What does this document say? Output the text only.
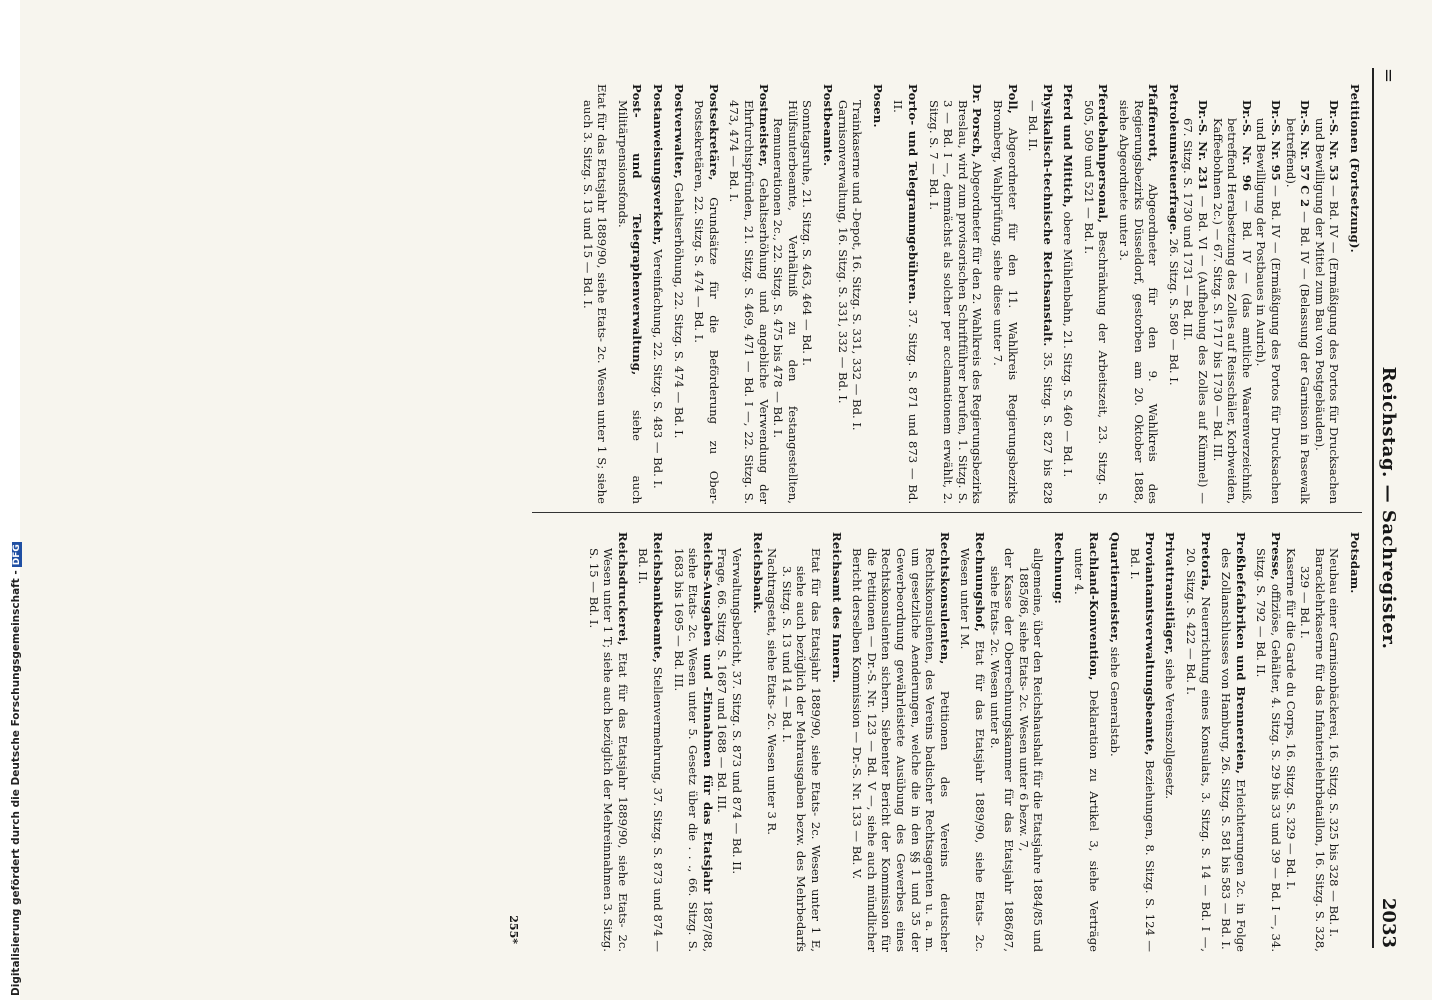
=
Reichstag. — Sachregister.
2033

Petitionen (Fortsetzung).

Dr.-S. Nr. 53 — Bd. IV — (Ermäßigung des Portos für Drucksachen und Bewilligung der Mittel zum Bau von Postgebäuden).

Dr.-S. Nr. 57 C 2 — Bd. IV — (Belassung der Garnison in Pasewalk betreffend).

Dr.-S. Nr. 95 — Bd. IV — (Ermäßigung des Portos für Drucksachen und Bewilligung der Postbaues in Aurich).

Dr.-S. Nr. 96 — Bd. IV — (das amtliche Waarenverzeichniß, betreffend Herabsetzung des Zolles auf Reisschäler, Korbweiden, Kaffeebohnen 2c.) — 67. Sitzg. S. 1717 bis 1730 — Bd. III.

Dr.-S. Nr. 231 — Bd. VI — (Aufhebung des Zolles auf Kümmel) — 67. Sitzg. S. 1730 und 1731 — Bd. III.

Petroleumsteuerfrage. 26. Sitzg. S. 580 — Bd. I.

Pfaffenrott, Abgeordneter für den 9. Wahlkreis des Regierungsbezirks Düsseldorf, gestorben am 20. Oktober 1888, siehe Abgeordnete unter 3.

Pferdebahnpersonal, Beschränkung der Arbeitszeit, 23. Sitzg. S. 505, 509 und 521 — Bd. I.

Pferd und Mittich, obere Mühlenbahn, 21. Sitzg. S. 460 — Bd. I.

Physikalisch-technische Reichsanstalt. 35. Sitzg. S. 827 bis 828 — Bd. II.

Poll, Abgeordneter für den 11. Wahlkreis Regierungsbezirks Bromberg, Wahlprüfung, siehe diese unter 7.

Dr. Porsch, Abgeordneter für den 2. Wahlkreis des Regierungsbezirks Breslau, wird zum provisorischen Schriftführer berufen, 1. Sitzg. S. 3 — Bd. I —, demnächst als solcher per acclamationem erwählt, 2. Sitzg. S. 7 — Bd. I.

Porto- und Telegrammgebühren. 37. Sitzg. S. 871 und 873 — Bd. II.

Posen.

Trainkaserne und -Depot, 16. Sitzg. S. 331, 332 — Bd. I.

Garnisonverwaltung, 16. Sitzg. S. 331, 332 — Bd. I.

Postbeamte.

Sonntagsruhe, 21. Sitzg. S. 463, 464 — Bd. I.

Hülfsunterbeamte, Verhältniß zu den festangestellten, Remunerationen 2c., 22. Sitzg. S. 475 bis 478 — Bd. I.

Postmeister, Gehaltserhöhung und angebliche Verwendung der Ehrfurchtspfründen, 21. Sitzg. S. 469, 471 — Bd. I —, 22. Sitzg. S. 473, 474 — Bd. I.

Postsekretäre, Grundsätze für die Beförderung zu Ober-Postsekretären, 22. Sitzg. S. 474 — Bd. I.

Postverwalter, Gehaltserhöhung, 22. Sitzg. S. 474 — Bd. I.

Postanweisungsverkehr, Vereinfachung, 22. Sitzg. S. 483 — Bd. I.

Post- und Telegraphenverwaltung, siehe auch Militärpensionsfonds.

Etat für das Etatsjahr 1889/90, siehe Etats- 2c. Wesen unter 1 S; siehe auch 3. Sitzg. S. 13 und 15 — Bd. I.

Potsdam.

Neubau einer Garnisonbäckerei, 16. Sitzg. S. 325 bis 328 — Bd. I.

Baracklehrkaserne für das Infanterielehrbataillon, 16. Sitzg. S. 328, 329 — Bd. I.

Kaserne für die Garde du Corps, 16. Sitzg. S. 329 — Bd. I.

Presse, offiziöse, Gehälter, 4. Sitzg. S. 29 bis 33 und 39 — Bd. I —, 34. Sitzg. S. 792 — Bd. II.

Preßhefefabriken und Brennereien, Erleichterungen 2c. in Folge des Zollanschlusses von Hamburg, 26. Sitzg. S. 581 bis 583 — Bd. I.

Pretoria, Neuerrichtung eines Konsulats, 3. Sitzg. S. 14 — Bd. I —, 20. Sitzg. S. 422 — Bd. I.

Privattransitläger, siehe Vereinszollgesetz.

Proviantamtsverwaltungsbeamte, Beziehungen, 8. Sitzg. S. 124 — Bd. I.

Quartiermeister, siehe Generalstab.

Rachland-Konvention, Deklaration zu Artikel 3, siehe Verträge unter 4.

Rechnung:

allgemeine, über den Reichshaushalt für die Etatsjahre 1884/85 und 1885/86, siehe Etats- 2c. Wesen unter 6 bezw. 7,

der Kasse der Oberrechnungskammer für das Etatsjahr 1886/87, siehe Etats- 2c. Wesen unter 8.

Rechnungshof, Etat für das Etatsjahr 1889/90, siehe Etats- 2c. Wesen unter I M.

Rechtskonsulenten, Petitionen des Vereins deutscher Rechtskonsulenten, des Vereins badischer Rechtsagenten u. a. m. um gesetzliche Aenderungen, welche die in den §§ 1 und 35 der Gewerbeordnung gewährleistete Ausübung des Gewerbes eines Rechtskonsulenten sichern. Siebenter Bericht der Kommission für die Petitionen — Dr.-S. Nr. 123 — Bd. V —, siehe auch mündlicher Bericht derselben Kommission — Dr.-S. Nr. 133 — Bd. V.

Reichsamt des Innern.

Etat für das Etatsjahr 1889/90, siehe Etats- 2c. Wesen unter 1 E, siehe auch bezüglich der Mehrausgaben bezw. des Mehrbedarfs 3. Sitzg. S. 13 und 14 — Bd. I.

Nachtragsetat, siehe Etats- 2c. Wesen unter 3 R.

Reichsbank.

Verwaltungsbericht, 37. Sitzg. S. 873 und 874 — Bd. II.

Frage, 66. Sitzg. S. 1687 und 1688 — Bd. III.

Reichs-Ausgaben und -Einnahmen für das Etatsjahr 1887/88, siehe Etats- 2c. Wesen unter 5. Gesetz über die . . ., 66. Sitzg. S. 1683 bis 1695 — Bd. III.

Reichsbankbeamte, Stellenvermehrung, 37. Sitzg. S. 873 und 874 — Bd. II.

Reichsdruckerei, Etat für das Etatsjahr 1889/90, siehe Etats- 2c. Wesen unter 1 T; siehe auch bezüglich der Mehreinnahmen 3. Sitzg. S. 15 — Bd. I.

255*
Digitalisierung gefördert durch die Deutsche Forschungsgemeinschaft -DFG
